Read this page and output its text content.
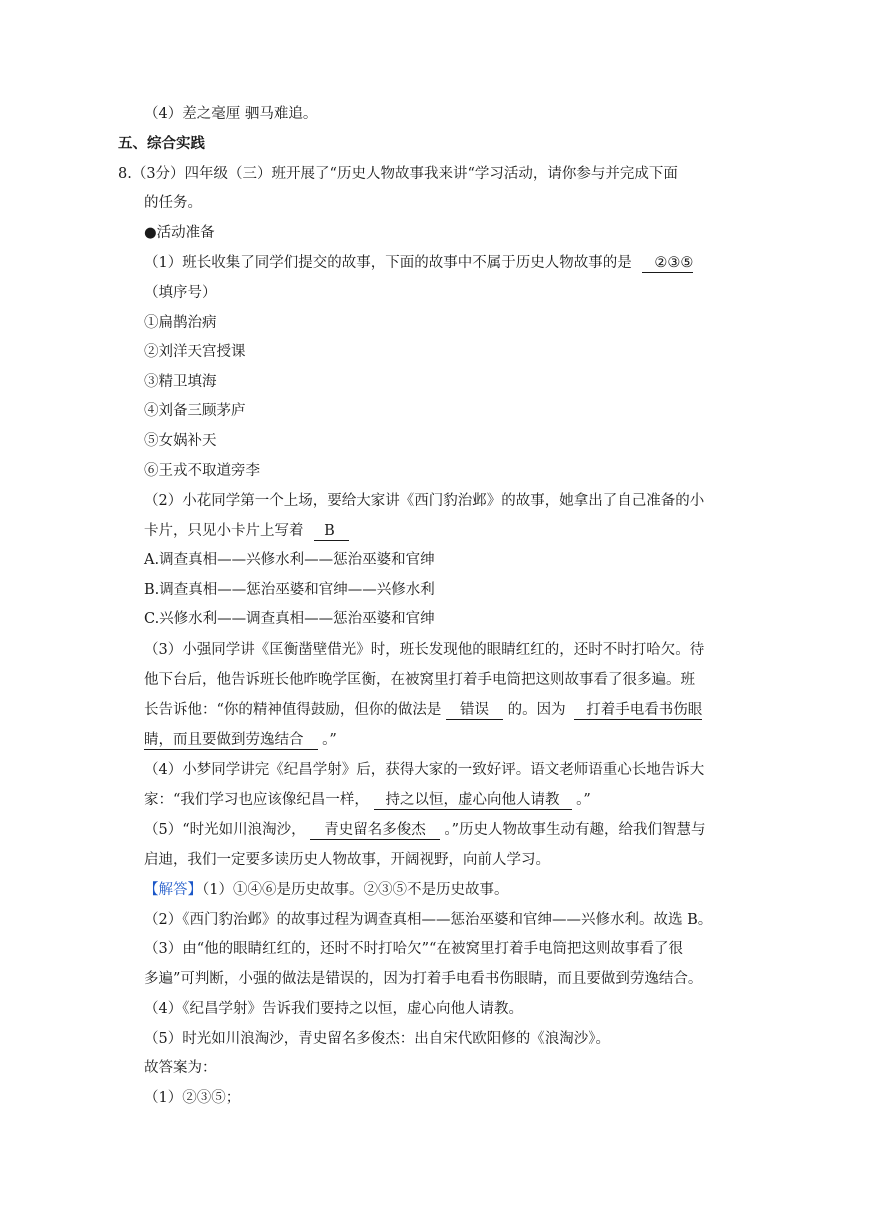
（4）差之毫厘 驷马难追。
五、综合实践
8.（3分）四年级（三）班开展了“历史人物故事我来讲“学习活动，请你参与并完成下面
的任务。
●活动准备
（1）班长收集了同学们提交的故事，下面的故事中不属于历史人物故事的是 ②③⑤
（填序号）
①扁鹊治病
②刘洋天宫授课
③精卫填海
④刘备三顾茅庐
⑤女娲补天
⑥王戎不取道旁李
（2）小花同学第一个上场，要给大家讲《西门豹治邺》的故事，她拿出了自己准备的小
卡片，只见小卡片上写着 B
A.调查真相——兴修水利——惩治巫婆和官绅
B.调查真相——惩治巫婆和官绅——兴修水利
C.兴修水利——调查真相——惩治巫婆和官绅
（3）小强同学讲《匡衡凿壁借光》时，班长发现他的眼睛红红的，还时不时打哈欠。待
他下台后，他告诉班长他昨晚学匡衡，在被窝里打着手电筒把这则故事看了很多遍。班
长告诉他：“你的精神值得鼓励，但你的做法是 错误 的。因为 打着手电看书伤眼
睛，而且要做到劳逸结合 。”
（4）小梦同学讲完《纪昌学射》后，获得大家的一致好评。语文老师语重心长地告诉大
家：“我们学习也应该像纪昌一样， 持之以恒，虚心向他人请教 。”
（5）“时光如川浪淘沙， 青史留名多俊杰 。”历史人物故事生动有趣，给我们智慧与
启迪，我们一定要多读历史人物故事，开阔视野，向前人学习。
【解答】（1）①④⑥是历史故事。②③⑤不是历史故事。
（2）《西门豹治邺》的故事过程为调查真相——惩治巫婆和官绅——兴修水利。故选 B。
（3）由“他的眼睛红红的，还时不时打哈欠”“在被窝里打着手电筒把这则故事看了很
多遍”可判断，小强的做法是错误的，因为打着手电看书伤眼睛，而且要做到劳逸结合。
（4）《纪昌学射》告诉我们要持之以恒，虚心向他人请教。
（5）时光如川浪淘沙，青史留名多俊杰：出自宋代欧阳修的《浪淘沙》。
故答案为：
（1）②③⑤；
